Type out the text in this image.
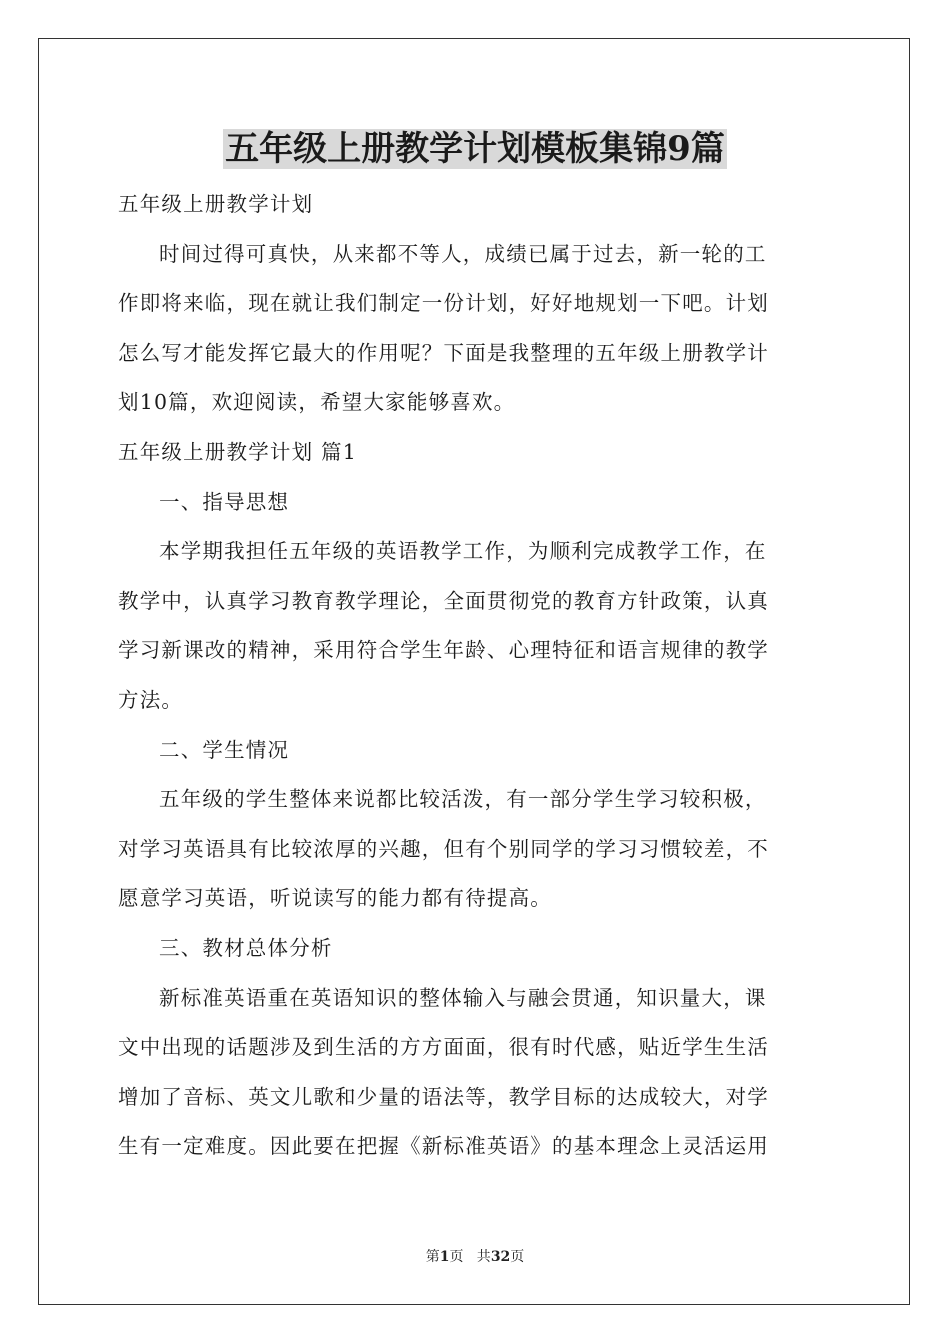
五年级上册教学计划模板集锦9篇
五年级上册教学计划
时间过得可真快，从来都不等人，成绩已属于过去，新一轮的工
作即将来临，现在就让我们制定一份计划，好好地规划一下吧。计划
怎么写才能发挥它最大的作用呢？下面是我整理的五年级上册教学计
划10篇，欢迎阅读，希望大家能够喜欢。
五年级上册教学计划 篇1
一、指导思想
本学期我担任五年级的英语教学工作，为顺利完成教学工作，在
教学中，认真学习教育教学理论，全面贯彻党的教育方针政策，认真
学习新课改的精神，采用符合学生年龄、心理特征和语言规律的教学
方法。
二、学生情况
五年级的学生整体来说都比较活泼，有一部分学生学习较积极，
对学习英语具有比较浓厚的兴趣，但有个别同学的学习习惯较差，不
愿意学习英语，听说读写的能力都有待提高。
三、教材总体分析
新标准英语重在英语知识的整体输入与融会贯通，知识量大，课
文中出现的话题涉及到生活的方方面面，很有时代感，贴近学生生活
增加了音标、英文儿歌和少量的语法等，教学目标的达成较大，对学
生有一定难度。因此要在把握《新标准英语》的基本理念上灵活运用
第1页   共32页
